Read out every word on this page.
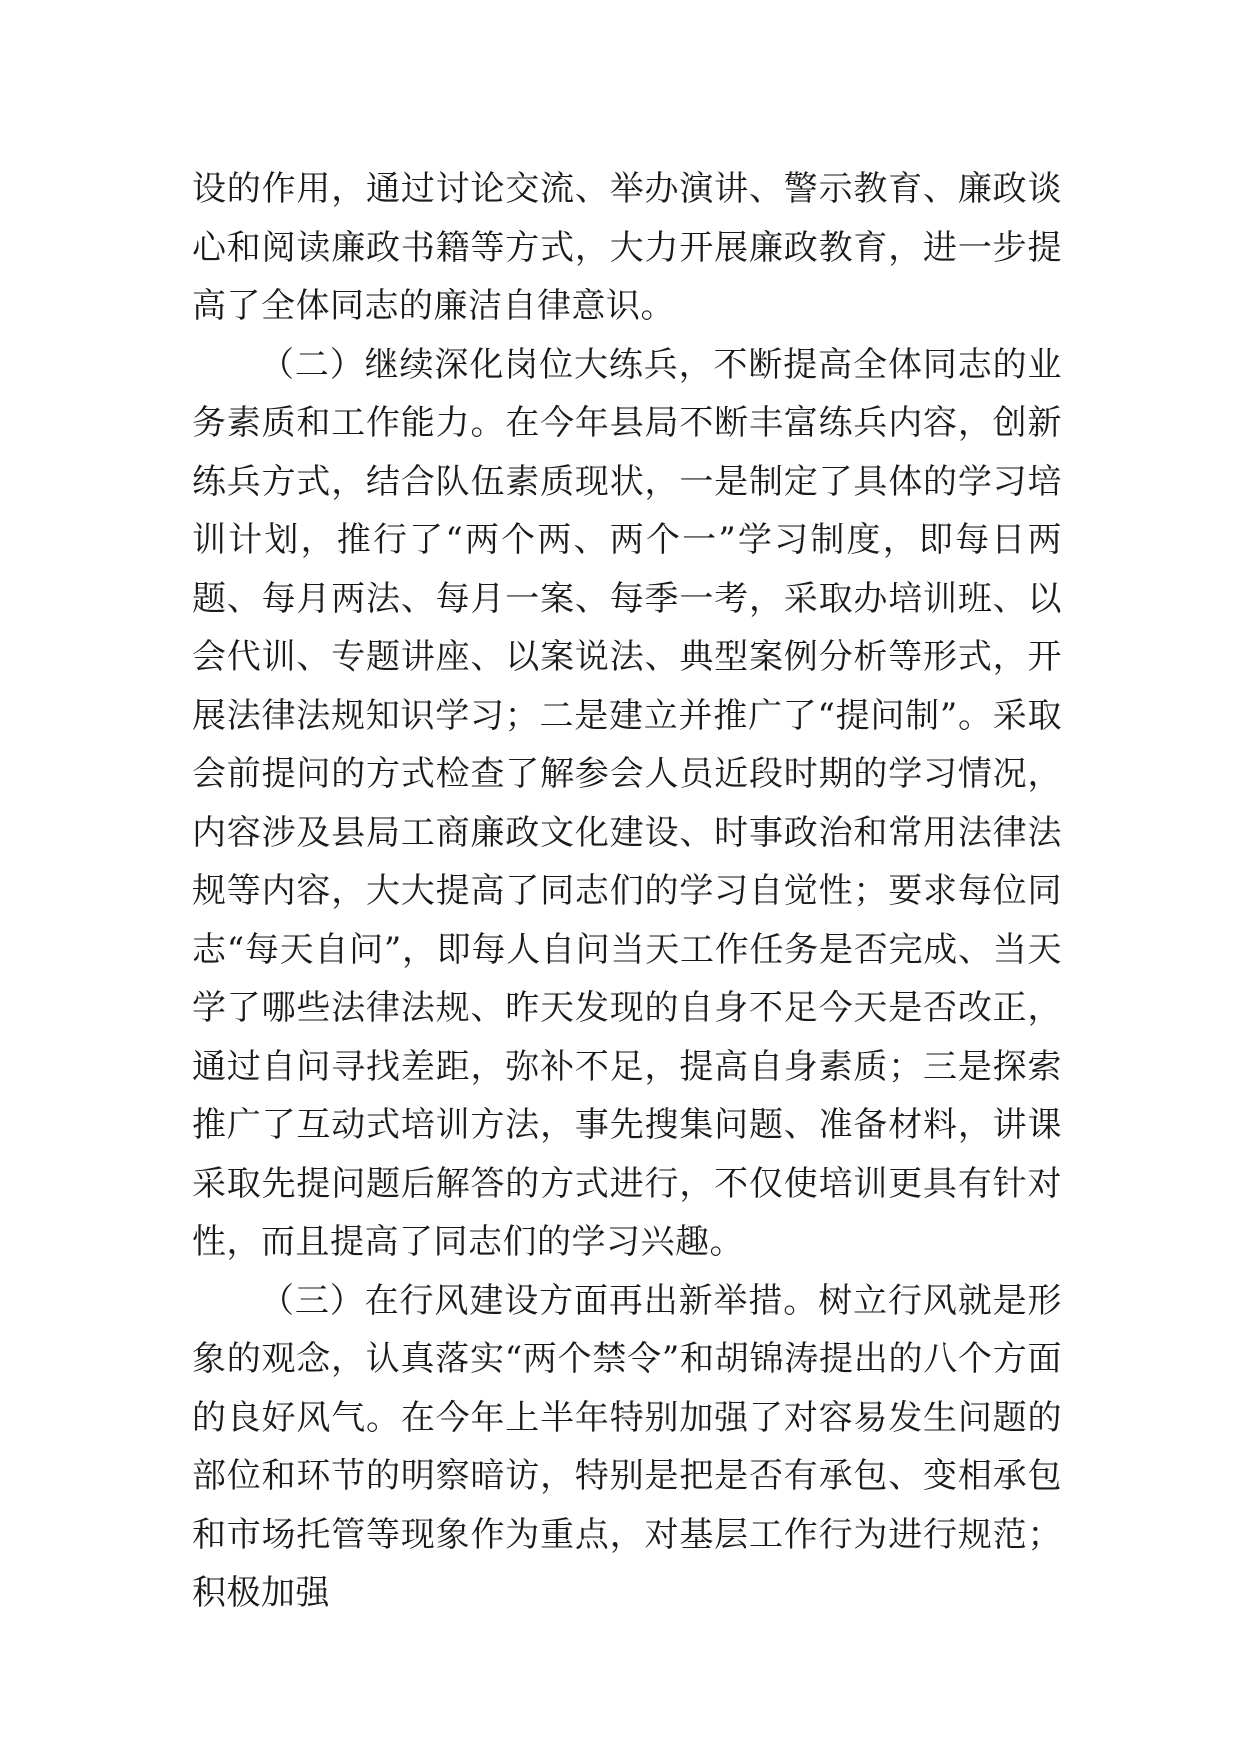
设的作用，通过讨论交流、举办演讲、警示教育、廉政谈心和阅读廉政书籍等方式，大力开展廉政教育，进一步提高了全体同志的廉洁自律意识。

（二）继续深化岗位大练兵，不断提高全体同志的业务素质和工作能力。在今年县局不断丰富练兵内容，创新练兵方式，结合队伍素质现状，一是制定了具体的学习培训计划，推行了“两个两、两个一”学习制度，即每日两题、每月两法、每月一案、每季一考，采取办培训班、以会代训、专题讲座、以案说法、典型案例分析等形式，开展法律法规知识学习；二是建立并推广了“提问制”。采取会前提问的方式检查了解参会人员近段时期的学习情况，内容涉及县局工商廉政文化建设、时事政治和常用法律法规等内容，大大提高了同志们的学习自觉性；要求每位同志“每天自问”，即每人自问当天工作任务是否完成、当天学了哪些法律法规、昨天发现的自身不足今天是否改正，通过自问寻找差距，弥补不足，提高自身素质；三是探索推广了互动式培训方法，事先搜集问题、准备材料，讲课采取先提问题后解答的方式进行，不仅使培训更具有针对性，而且提高了同志们的学习兴趣。

（三）在行风建设方面再出新举措。树立行风就是形象的观念，认真落实“两个禁令”和胡锦涛提出的八个方面的良好风气。在今年上半年特别加强了对容易发生问题的部位和环节的明察暗访，特别是把是否有承包、变相承包和市场托管等现象作为重点，对基层工作行为进行规范；积极加强
